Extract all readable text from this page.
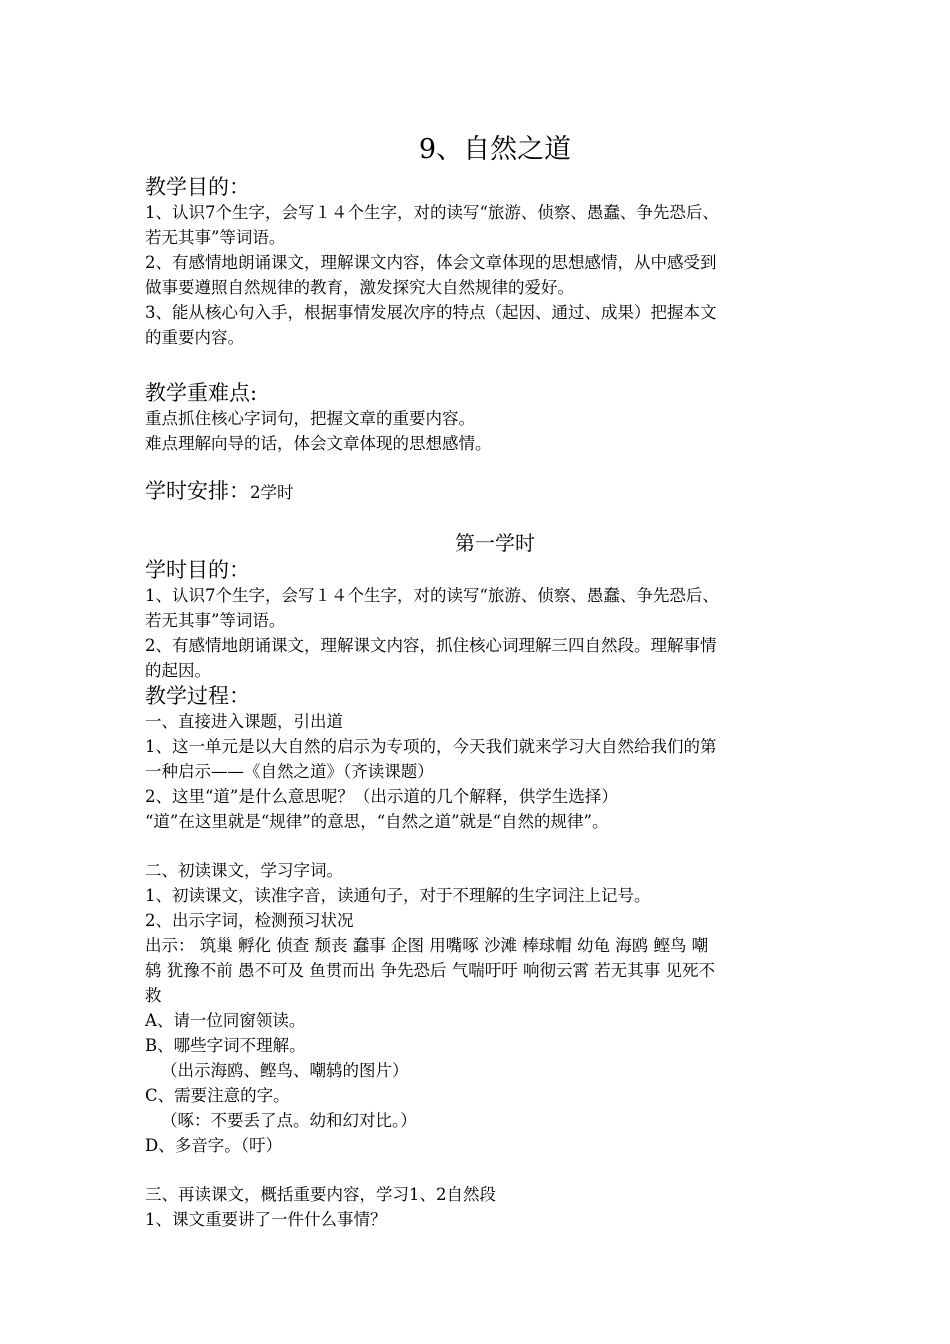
9、自然之道
教学目的：
1、认识7个生字，会写１４个生字，对的读写“旅游、侦察、愚蠢、争先恐后、
若无其事”等词语。
2、有感情地朗诵课文，理解课文内容，体会文章体现的思想感情，从中感受到
做事要遵照自然规律的教育，激发探究大自然规律的爱好。
3、能从核心句入手，根据事情发展次序的特点（起因、通过、成果）把握本文
的重要内容。
教学重难点:
重点抓住核心字词句，把握文章的重要内容。
难点理解向导的话，体会文章体现的思想感情。
学时安排：2学时
第一学时
学时目的：
1、认识7个生字，会写１４个生字，对的读写“旅游、侦察、愚蠢、争先恐后、
若无其事”等词语。
2、有感情地朗诵课文，理解课文内容，抓住核心词理解三四自然段。理解事情
的起因。
教学过程：
一、直接进入课题，引出道
1、这一单元是以大自然的启示为专项的，今天我们就来学习大自然给我们的第
一种启示——《自然之道》（齐读课题）
2、这里“道”是什么意思呢？（出示道的几个解释，供学生选择）
“道”在这里就是“规律”的意思，“自然之道”就是“自然的规律”。
二、初读课文，学习字词。
1、初读课文，读准字音，读通句子，对于不理解的生字词注上记号。
2、出示字词，检测预习状况
出示： 筑巢 孵化 侦查 颓丧 蠢事 企图 用嘴啄 沙滩 棒球帽 幼龟 海鸥 鲣鸟 嘲
鸫 犹豫不前 愚不可及 鱼贯而出 争先恐后 气喘吁吁 响彻云霄 若无其事 见死不
救
A、请一位同窗领读。
B、哪些字词不理解。
（出示海鸥、鲣鸟、嘲鸫的图片）
C、需要注意的字。
（啄：不要丢了点。幼和幻对比。）
D、多音字。（吁）
三、再读课文，概括重要内容，学习1、2自然段
1、课文重要讲了一件什么事情？
